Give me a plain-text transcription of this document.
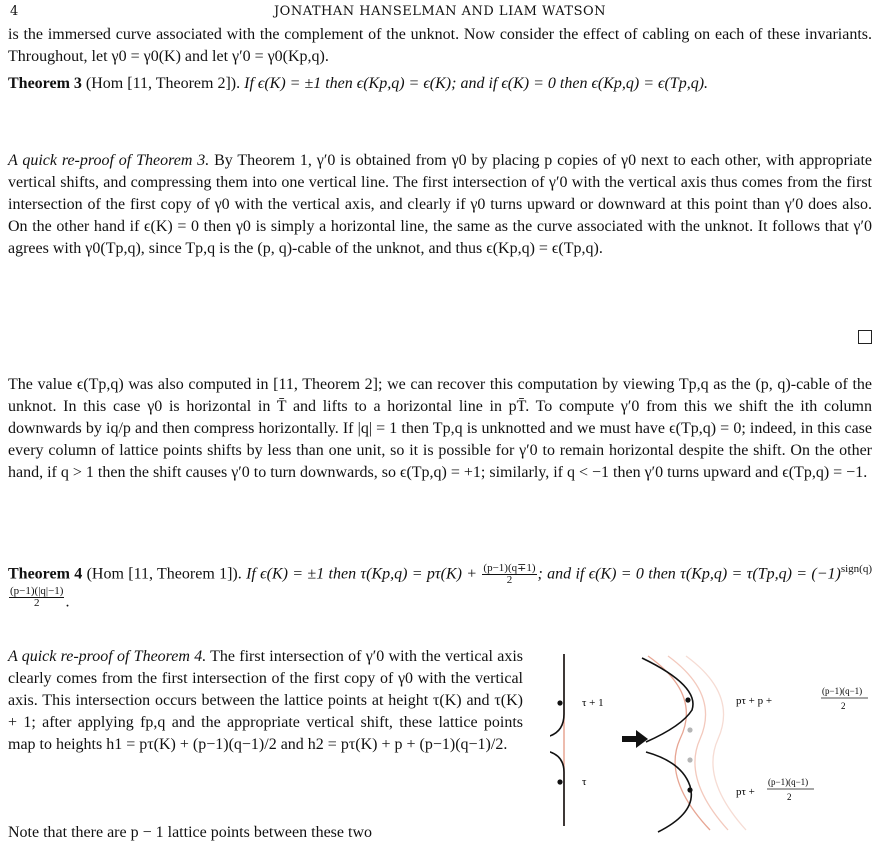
4	JONATHAN HANSELMAN AND LIAM WATSON

is the immersed curve associated with the complement of the unknot. Now consider the effect of cabling on each of these invariants. Throughout, let γ0 = γ0(K) and let γ′0 = γ0(Kp,q).

Theorem 3 (Hom [11, Theorem 2]). If ϵ(K) = ±1 then ϵ(Kp,q) = ϵ(K); and if ϵ(K) = 0 then ϵ(Kp,q) = ϵ(Tp,q).

A quick re-proof of Theorem 3. By Theorem 1, γ′0 is obtained from γ0 by placing p copies of γ0 next to each other, with appropriate vertical shifts, and compressing them into one vertical line. The first intersection of γ′0 with the vertical axis thus comes from the first intersection of the first copy of γ0 with the vertical axis, and clearly if γ0 turns upward or downward at this point than γ′0 does also. On the other hand if ϵ(K) = 0 then γ0 is simply a horizontal line, the same as the curve associated with the unknot. It follows that γ′0 agrees with γ0(Tp,q), since Tp,q is the (p, q)-cable of the unknot, and thus ϵ(Kp,q) = ϵ(Tp,q).

The value ϵ(Tp,q) was also computed in [11, Theorem 2]; we can recover this computation by viewing Tp,q as the (p, q)-cable of the unknot. In this case γ0 is horizontal in T̄ and lifts to a horizontal line in pT̄. To compute γ′0 from this we shift the ith column downwards by iq/p and then compress horizontally. If |q| = 1 then Tp,q is unknotted and we must have ϵ(Tp,q) = 0; indeed, in this case every column of lattice points shifts by less than one unit, so it is possible for γ′0 to remain horizontal despite the shift. On the other hand, if q > 1 then the shift causes γ′0 to turn downwards, so ϵ(Tp,q) = +1; similarly, if q < −1 then γ′0 turns upward and ϵ(Tp,q) = −1.

Theorem 4 (Hom [11, Theorem 1]). If ϵ(K) = ±1 then $\tau(Kp,q) = p\tau(K) + \frac{(p-1)(q\mp 1)}{2}$ ; and if ϵ(K) = 0 then $\tau(Kp,q) = \tau(Tp,q) = (-1)^{sign(q) \frac{(p-1)(|q|-1)}{2}}$ .

A quick re-proof of Theorem 4. The first intersection of γ′0 with the vertical axis clearly comes from the first intersection of the first copy of γ0 with the vertical axis. This intersection occurs between the lattice points at height τ(K) and τ(K) + 1; after applying fp,q and the appropriate vertical shift, these lattice points map to heights h1 = pτ(K) + (p−1)(q−1)/2 and h2 = pτ(K) + p + (p−1)(q−1)/2.

Note that there are p − 1 lattice points between these two

τ + 1
τ
pτ + p +
(p−1)(q−1)
2
pτ +
(p−1)(q−1)
2
